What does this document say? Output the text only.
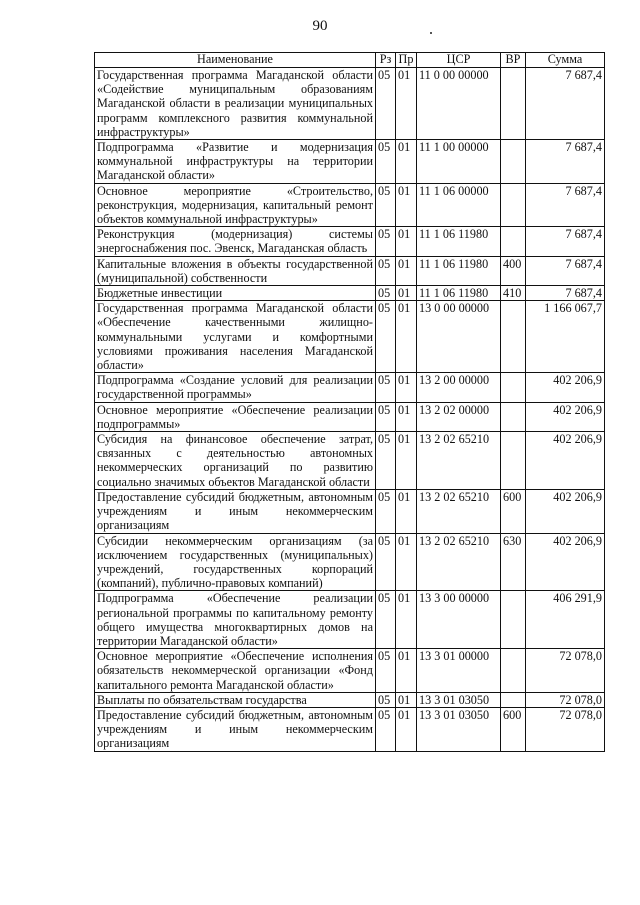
90
Наименование	Рз	Пр	ЦСР	ВР	Сумма
Государственная программа Магаданской области «Содействие муниципальным образованиям Магаданской области в реализации муниципальных программ комплексного развития коммунальной инфраструктуры»	05	01	11 0 00 00000		7 687,4
Подпрограмма «Развитие и модернизация коммунальной инфраструктуры на территории Магаданской области»	05	01	11 1 00 00000		7 687,4
Основное мероприятие «Строительство, реконструкция, модернизация, капитальный ремонт объектов коммунальной инфраструктуры»	05	01	11 1 06 00000		7 687,4
Реконструкция (модернизация) системы энергоснабжения пос. Эвенск, Магаданская область	05	01	11 1 06 11980		7 687,4
Капитальные вложения в объекты государственной (муниципальной) собственности	05	01	11 1 06 11980	400	7 687,4
Бюджетные инвестиции	05	01	11 1 06 11980	410	7 687,4
Государственная программа Магаданской области «Обеспечение качественными жилищно-коммунальными услугами и комфортными условиями проживания населения Магаданской области»	05	01	13 0 00 00000		1 166 067,7
Подпрограмма «Создание условий для реализации государственной программы»	05	01	13 2 00 00000		402 206,9
Основное мероприятие «Обеспечение реализации подпрограммы»	05	01	13 2 02 00000		402 206,9
Субсидия на финансовое обеспечение затрат, связанных с деятельностью автономных некоммерческих организаций по развитию социально значимых объектов Магаданской области	05	01	13 2 02 65210		402 206,9
Предоставление субсидий бюджетным, автономным учреждениям и иным некоммерческим организациям	05	01	13 2 02 65210	600	402 206,9
Субсидии некоммерческим организациям (за исключением государственных (муниципальных) учреждений, государственных корпораций (компаний), публично-правовых компаний)	05	01	13 2 02 65210	630	402 206,9
Подпрограмма «Обеспечение реализации региональной программы по капитальному ремонту общего имущества многоквартирных домов на территории Магаданской области»	05	01	13 3 00 00000		406 291,9
Основное мероприятие «Обеспечение исполнения обязательств некоммерческой организации «Фонд капитального ремонта Магаданской области»	05	01	13 3 01 00000		72 078,0
Выплаты по обязательствам государства	05	01	13 3 01 03050		72 078,0
Предоставление субсидий бюджетным, автономным учреждениям и иным некоммерческим организациям	05	01	13 3 01 03050	600	72 078,0
